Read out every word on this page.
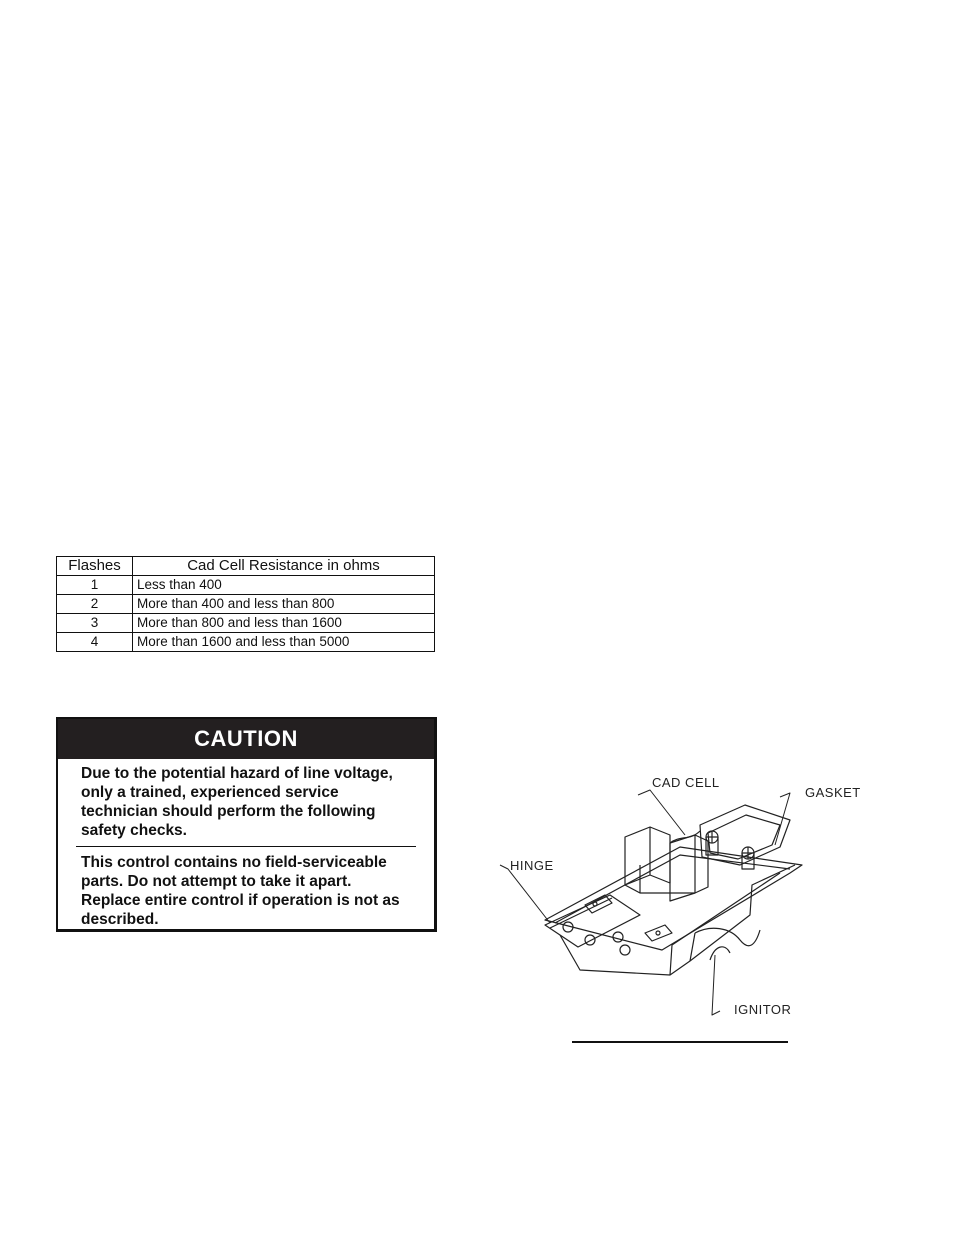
Flashes	Cad Cell Resistance in ohms
1	Less than 400
2	More than 400 and less than 800
3	More than 800 and less than 1600
4	More than 1600 and less than 5000
CAUTION

Due to the potential hazard of line voltage, only a trained, experienced service technician should perform the following safety checks.

This control contains no field-serviceable parts. Do not attempt to take it apart. Replace entire control if operation is not as described.

CAD CELL
GASKET
HINGE
IGNITOR
